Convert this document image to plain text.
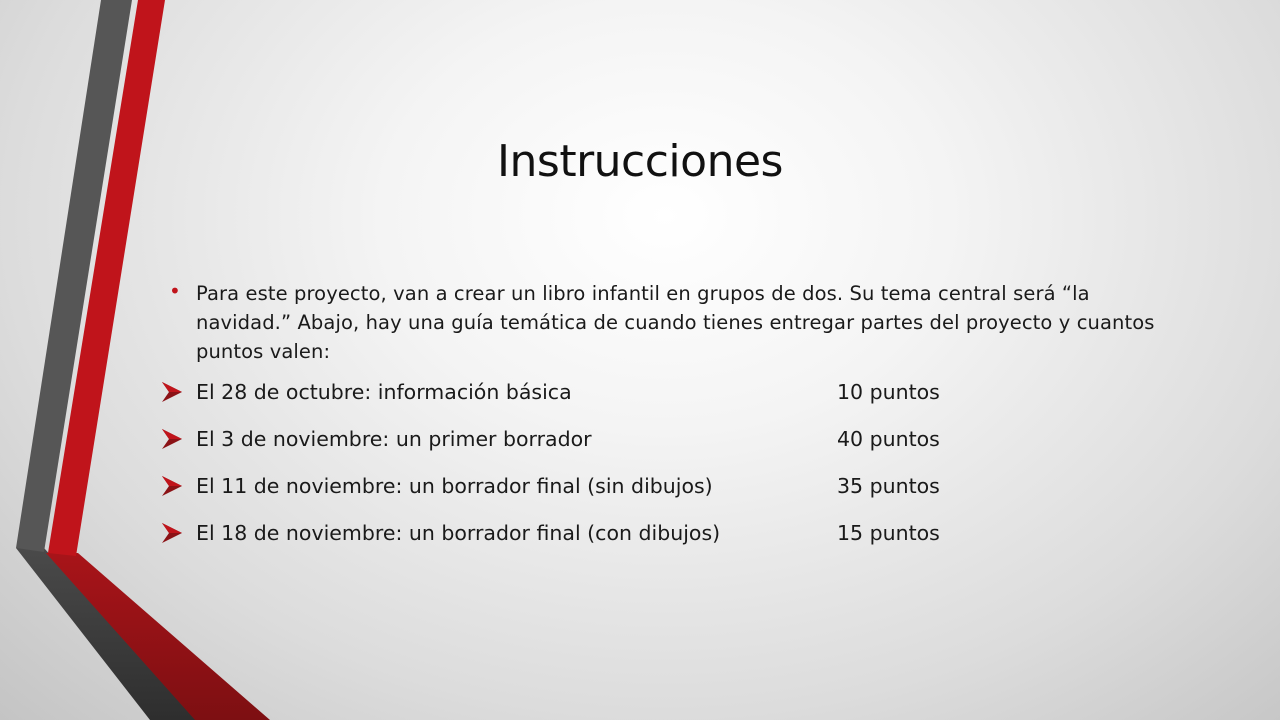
Instrucciones
• Para este proyecto, van a crear un libro infantil en grupos de dos. Su tema central será “la navidad.” Abajo, hay una guía temática de cuando tienes entregar partes del proyecto y cuantos puntos valen:
El 28 de octubre: información básica	10 puntos
El 3 de noviembre: un primer borrador	40 puntos
El 11 de noviembre: un borrador final (sin dibujos)	35 puntos
El 18 de noviembre: un borrador final (con dibujos)	15 puntos
